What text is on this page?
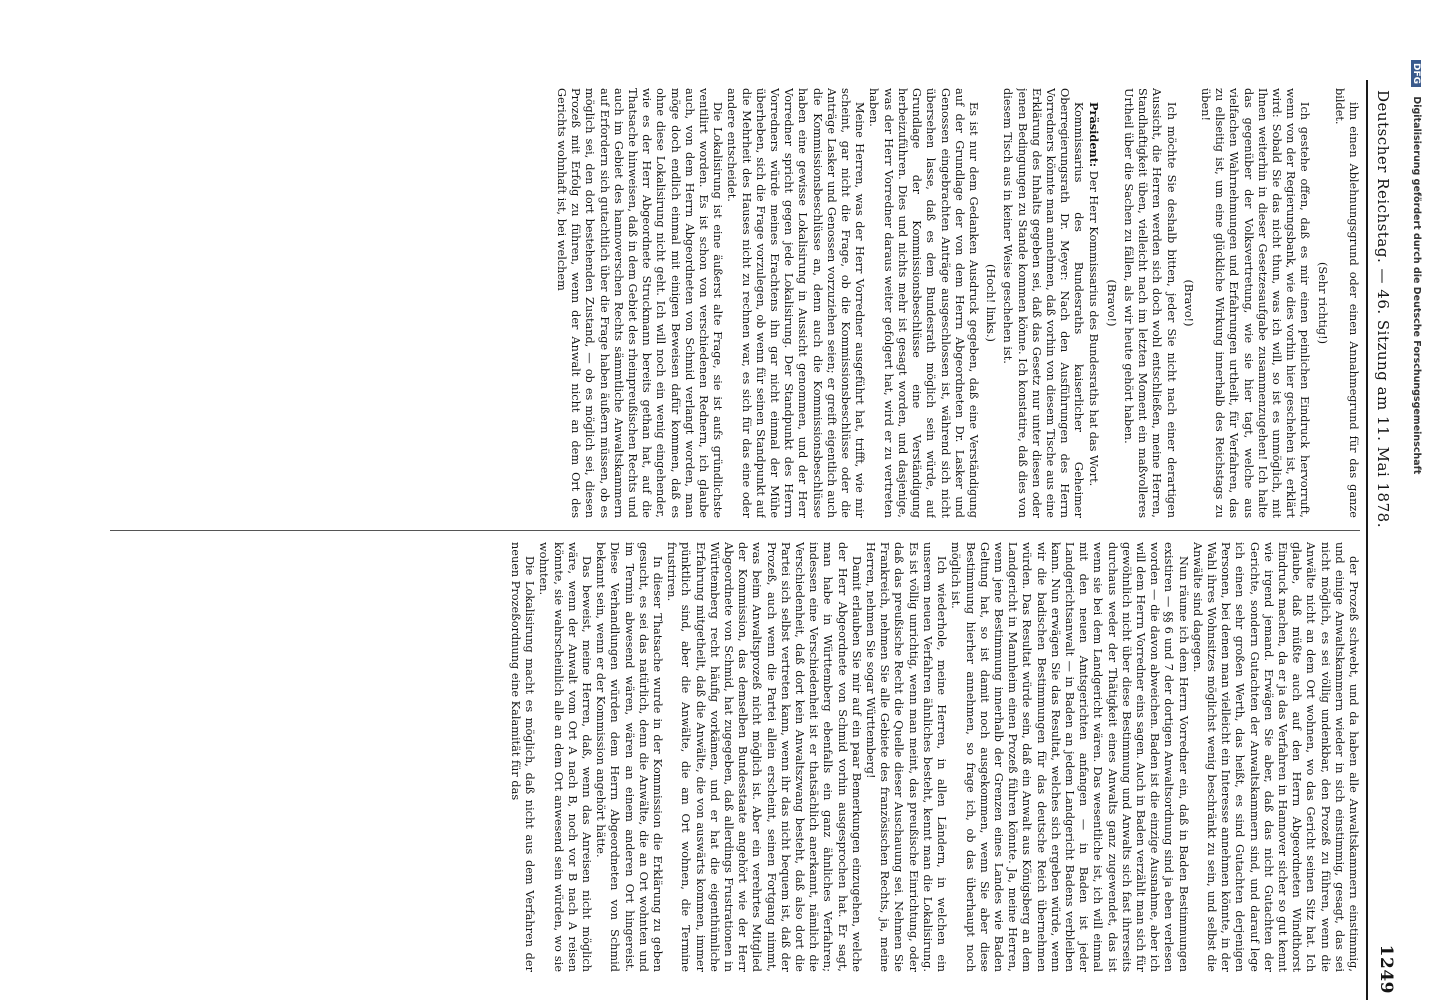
Deutscher Reichstag. — 46. Sitzung am 11. Mai 1878.
1249

ihn einen Ablehnungsgrund oder einen Annahmegrund für das ganze bildet.

(Sehr richtig!)

Ich gestehe offen, daß es mir einen peinlichen Eindruck hervorruft, wenn von der Regierungsbank, wie dies vorhin hier geschehen ist, erklärt wird: Sobald Sie das nicht thun, was ich will, so ist es unmöglich, mit Ihnen weiterhin in dieser Gesetzesaufgabe zusammenzugehen! Ich halte das gegenüber der Volksvertretung, wie sie hier tagt, welche aus vielfachen Wahrnehmungen und Erfahrungen urtheilt, für Verfahren, das zu ellseitig ist, um eine glückliche Wirkung innerhalb des Reichstags zu üben!

(Bravo!)

Ich möchte Sie deshalb bitten, jeder Sie nicht nach einer derartigen Aussicht, die Herren werden sich doch wohl entschließen, meine Herren, Standhaftigkeit üben, vielleicht nach im letzten Moment ein maßvolleres Urtheil über die Sachen zu fällen, als wir heute gehört haben.

(Bravo!)

Präsident: Der Herr Kommissarius des Bundesraths hat das Wort.

Kommissarius des Bundesraths kaiserlicher Geheimer Oberregierungsrath Dr. Meyer: Nach den Ausführungen des Herrn Vorredners könnte man annehmen, daß vorhin von diesem Tische aus eine Erklärung des Inhalts gegeben sei, daß das Gesetz nur unter diesen oder jenen Bedingungen zu Stande kommen könne. Ich konstatire, daß dies von diesem Tisch aus in keiner Weise geschehen ist.

(Hoch! links.)

Es ist nur dem Gedanken Ausdruck gegeben, daß eine Verständigung auf der Grundlage der von dem Herrn Abgeordneten Dr. Lasker und Genossen eingebrachten Anträge ausgeschlossen ist, während sich nicht übersehen lasse, daß es dem Bundesrath möglich sein würde, auf Grundlage der Kommissionsbeschlüsse eine Verständigung herbeizuführen. Dies und nichts mehr ist gesagt worden, und dasjenige, was der Herr Vorredner daraus weiter gefolgert hat, wird er zu vertreten haben.

Meine Herren, was der Herr Vorredner ausgeführt hat, trifft, wie mir scheint, gar nicht die Frage, ob die Kommissionsbeschlüsse oder die Anträge Lasker und Genossen vorzuziehen seien; er greift eigentlich auch die Kommissionsbeschlüsse an, denn auch die Kommissionsbeschlüsse haben eine gewisse Lokalisirung in Aussicht genommen, und der Herr Vorredner spricht gegen jede Lokalisirung. Der Standpunkt des Herrn Vorredners würde meines Erachtens ihn gar nicht einmal der Mühe überheben, sich die Frage vorzulegen, ob wenn für seinen Standpunkt auf die Mehrheit des Hauses nicht zu rechnen war, es sich für das eine oder andere entscheidet.

Die Lokalisirung ist eine äußerst alte Frage, sie ist aufs gründlichste ventilirt worden. Es ist schon von verschiedenen Rednern, ich glaube auch, von dem Herrn Abgeordneten von Schmid verlangt worden, man möge doch endlich einmal mit einigen Beweisen dafür kommen, daß es ohne diese Lokalisirung nicht geht. Ich will noch ein wenig eingehender, wie es der Herr Abgeordnete Struckmann bereits gethan hat, auf die Thatsache hinweisen, daß in dem Gebiet des rheinpreußischen Rechts und auch im Gebiet des hannoverschen Rechts sämmtliche Anwaltskammern auf Erfordern sich gutachtlich über die Frage haben äußern müssen, ob es möglich sei, den dort bestehenden Zustand, — ob es möglich sei, diesen Prozeß mit Erfolg zu führen, wenn der Anwalt nicht an dem Ort des Gerichts wohnhaft ist, bei welchem

der Prozeß schwebt, und da haben alle Anwaltskammern einstimmig, und einige Anwaltskammern wieder in sich einstimmig, gesagt, das sei nicht möglich, es sei völlig undenkbar, den Prozeß zu führen, wenn die Anwälte nicht an dem Ort wohnen, wo das Gericht seinen Sitz hat. Ich glaube, daß müßte auch auf den Herrn Abgeordneten Windthorst Eindruck machen, da er ja das Verfahren in Hannover sicher so gut kennt wie irgend jemand. Erwägen Sie aber, daß das nicht Gutachten der Gerichte, sondern Gutachten der Anwaltskammern sind, und darauf lege ich einen sehr großen Werth, das heißt, es sind Gutachten derjenigen Personen, bei denen man vielleicht ein Interesse annehmen könnte, in der Wahl ihres Wohnsitzes möglichst wenig beschränkt zu sein, und selbst die Anwälte sind dagegen.

Nun räume ich dem Herrn Vorredner ein, daß in Baden Bestimmungen existiren — §§ 6 und 7 der dortigen Anwaltsordnung sind ja eben verlesen worden — die davon abweichen. Baden ist die einzige Ausnahme, aber ich will dem Herrn Vorredner eins sagen. Auch in Baden verzählt man sich für gewöhnlich nicht über diese Bestimmung und Anwalts sich fast ihrerseits durchaus weder der Thätigkeit eines Anwalts ganz zugewendet, das ist wenn sie bei dem Landgericht wären. Das wesentliche ist, ich will einmal mit den neuen Amtsgerichten anfangen — in Baden ist jeder Landgerichtsanwalt — in Baden an jedem Landgericht Badens verbleiben kann. Nun erwägen Sie das Resultat, welches sich ergeben würde, wenn wir die badischen Bestimmungen für das deutsche Reich übernehmen würden. Das Resultat würde sein, daß ein Anwalt aus Königsberg an dem Landgericht in Mannheim einen Prozeß führen könnte. Ja, meine Herren, wenn jene Bestimmung innerhalb der Grenzen eines Landes wie Baden Geltung hat, so ist damit noch ausgekommen, wenn Sie aber diese Bestimmung hierher annehmen, so frage ich, ob das überhaupt noch möglich ist.

Ich wiederhole, meine Herren, in allen Ländern, in welchen ein unserem neuen Verfahren ähnliches besteht, kennt man die Lokalisirung. Es ist völlig unrichtig, wenn man meint, das preußische Einrichtung, oder daß das preußische Recht die Quelle dieser Auschauung sei. Nehmen Sie Frankreich, nehmen Sie alle Gebiete des französischen Rechts, ja, meine Herren, nehmen Sie sogar Württemberg!

Damit erlauben Sie mir auf ein paar Bemerkungen einzugehen, welche der Herr Abgeordnete von Schmid vorhin ausgesprochen hat. Er sagt, man habe in Württemberg ebenfalls ein ganz ähnliches Verfahren; indessen eine Verschiedenheit ist er thatsächlich anerkannt, nämlich die Verschiedenheit, daß dort kein Anwaltszwang besteht, daß also dort die Partei sich selbst vertreten kann, wenn ihr das nicht bequem ist, daß der Prozeß, auch wenn die Partei allein erscheint, seinen Fortgang nimmt, was beim Anwaltsprozeß nicht möglich ist. Aber ein verehrtes Mitglied der Kommission, das demselben Bundesstaate angehört wie der Herr Abgeordnete von Schmid, hat zugegeben, daß allerdings Frustrationen in Württemberg recht häufig vorkämen, und er hat die eigenthümliche Erfahrung mitgetheilt, daß die Anwälte, die von auswärts kommen, immer pünktlich sind, aber die Anwälte, die am Ort wohnen, die Termine frustriren.

In dieser Thatsache wurde in der Kommission die Erklärung zu geben gesucht, es sei das natürlich, denn die Anwälte, die an Ort wohnten und im Termin abwesend wären, wären an einem anderen Ort hingereist. Diese Verhandlungen würden dem Herrn Abgeordneten von Schmid bekannt sein, wenn er der Kommission angehört hätte.

Das beweist, meine Herren, daß, wenn das Anreisen nicht möglich wäre, wenn der Anwalt vom Ort A nach B, noch vor B nach A reisen könnte, sie wahrscheinlich alle an dem Ort anwesend sein würden, wo sie wohnten.

Die Lokalisirung macht es möglich, daß nicht aus dem Verfahren der neuen Prozeßordnung eine Kalamität für das

DFG Digitalisierung gefördert durch die Deutsche Forschungsgemeinschaft
